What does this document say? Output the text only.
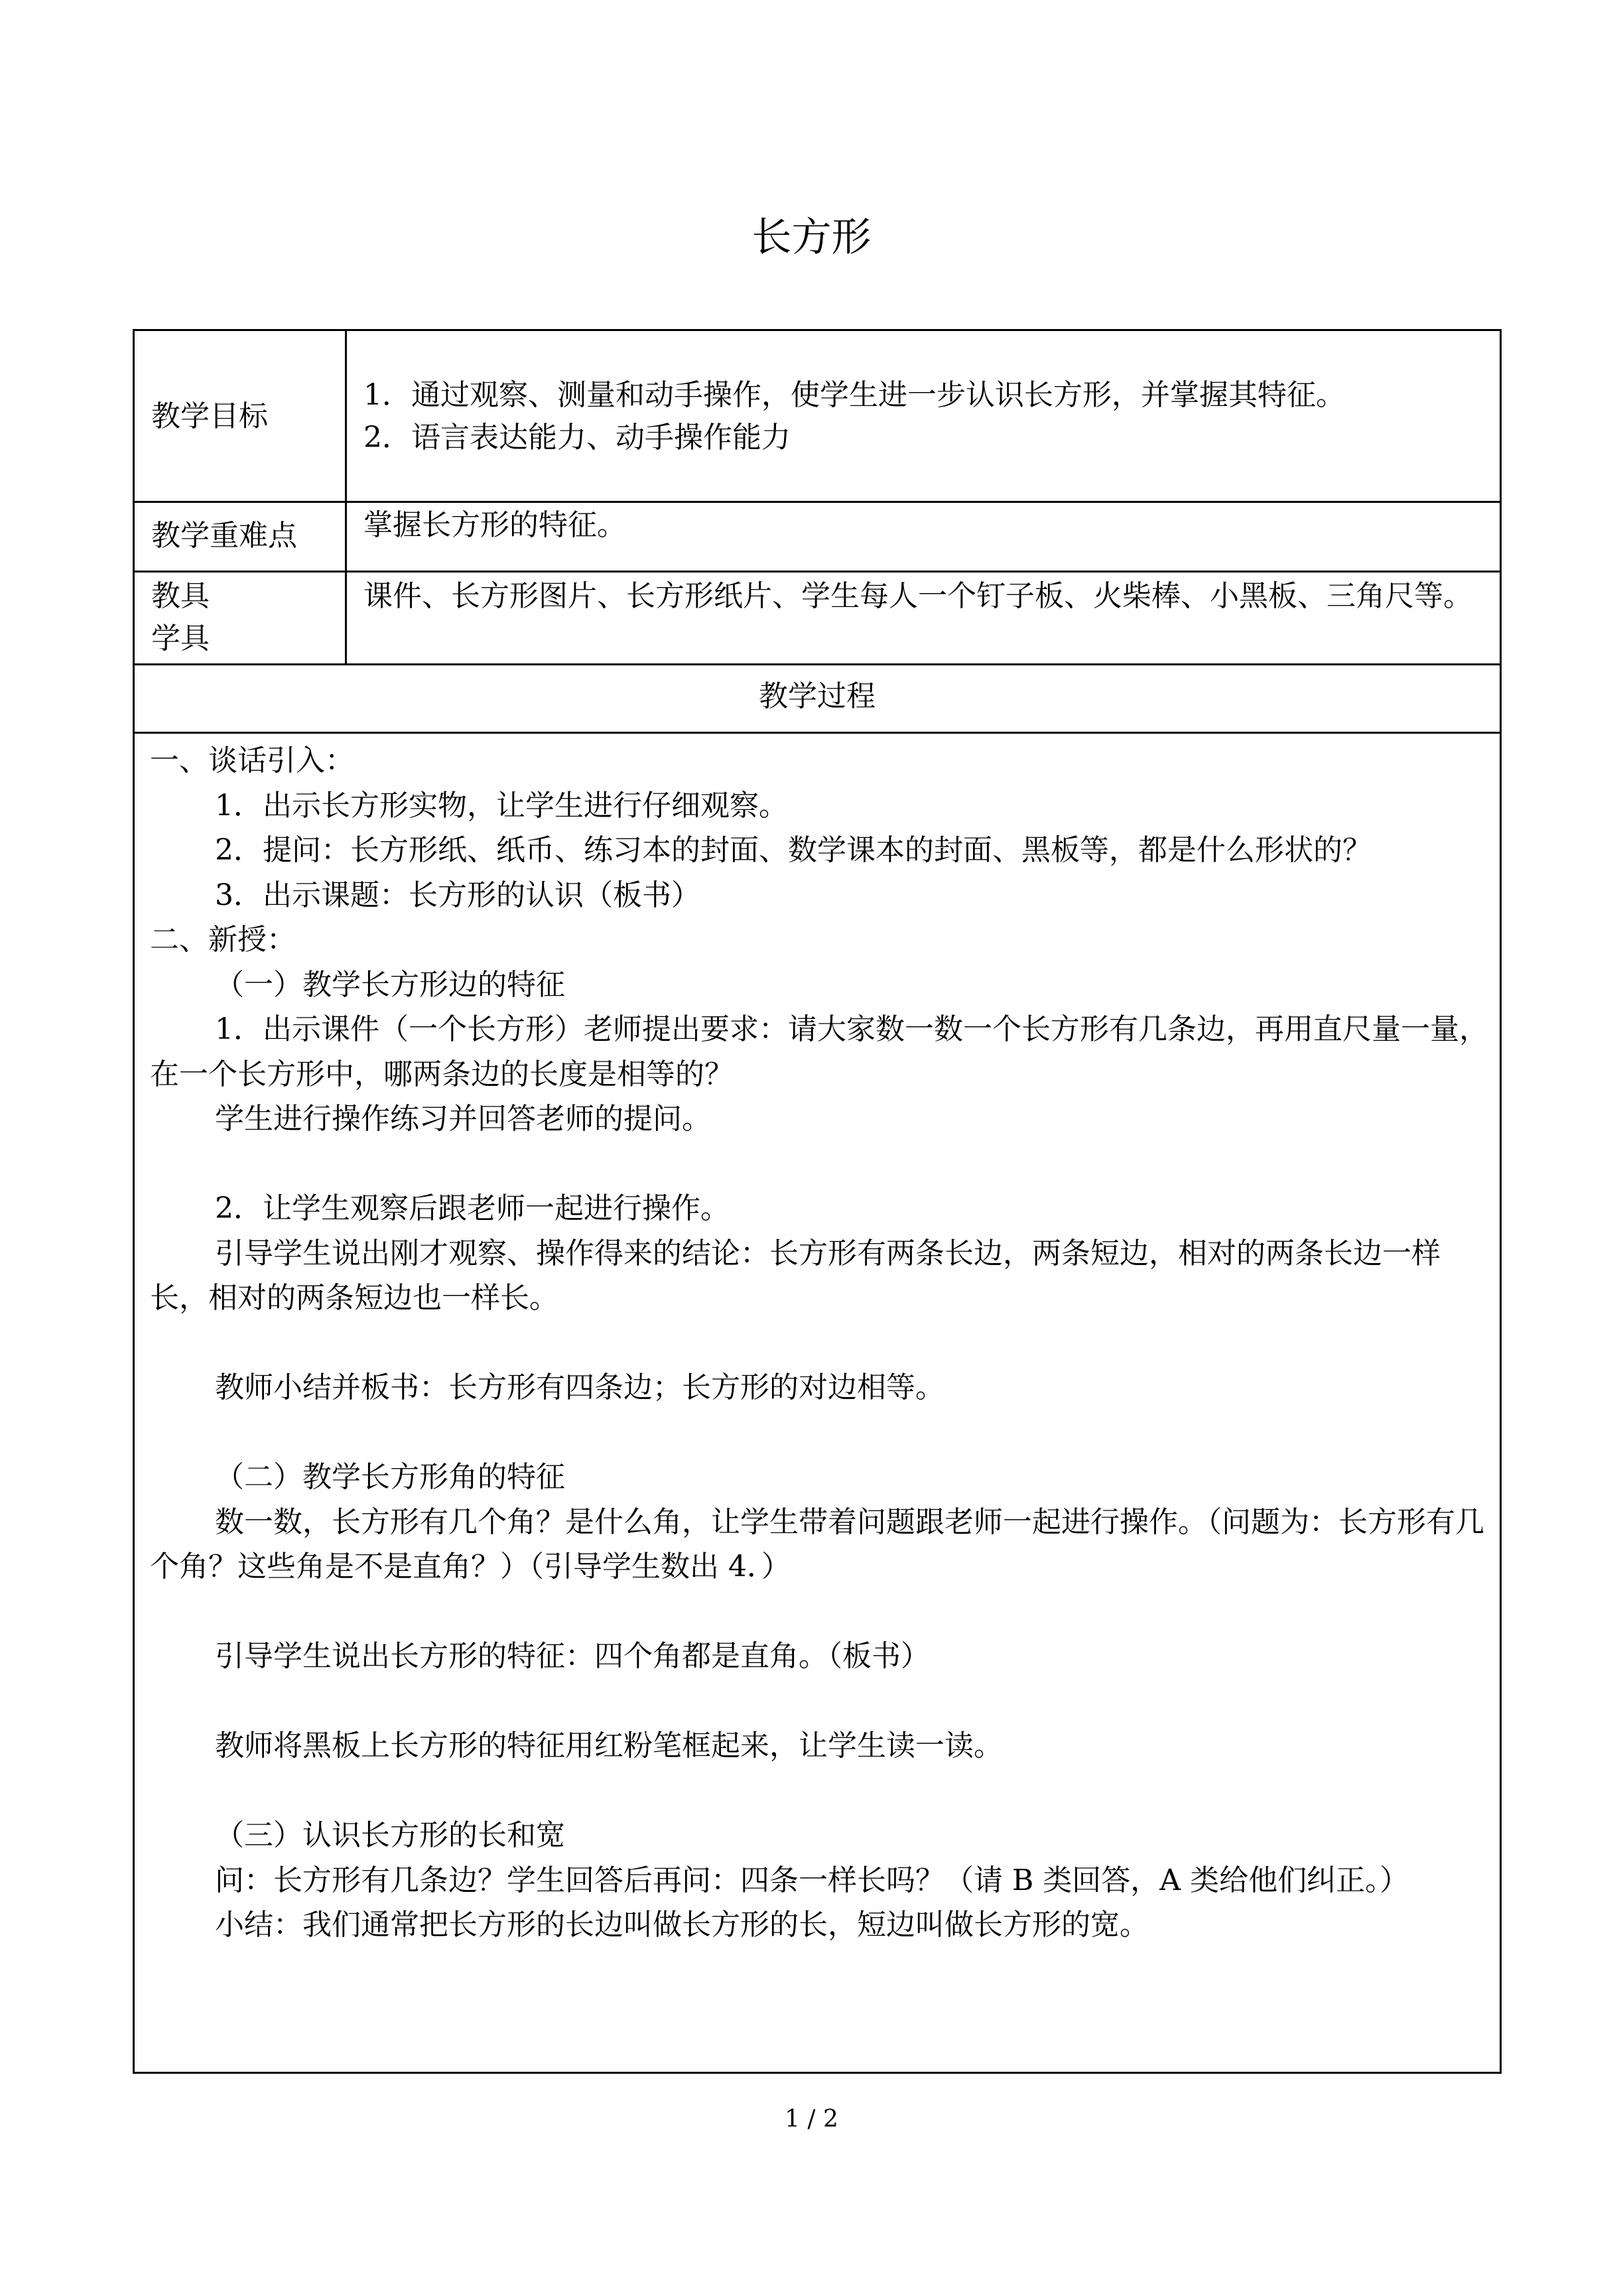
长方形
教学目标

1．通过观察、测量和动手操作，使学生进一步认识长方形，并掌握其特征。

2．语言表达能力、动手操作能力

教学重难点 掌握长方形的特征。

教具
学具

课件、长方形图片、长方形纸片、学生每人一个钉子板、火柴棒、小黑板、三角尺等。

教学过程

一、谈话引入：

1．出示长方形实物，让学生进行仔细观察。

2．提问：长方形纸、纸币、练习本的封面、数学课本的封面、黑板等，都是什么形状的？

3．出示课题：长方形的认识（板书）

二、新授：

（一）教学长方形边的特征

1．出示课件（一个长方形）老师提出要求：请大家数一数一个长方形有几条边，再用直尺量一量，在一个长方形中，哪两条边的长度是相等的？

学生进行操作练习并回答老师的提问。

2．让学生观察后跟老师一起进行操作。

引导学生说出刚才观察、操作得来的结论：长方形有两条长边，两条短边，相对的两条长边一样长，相对的两条短边也一样长。

教师小结并板书：长方形有四条边；长方形的对边相等。

（二）教学长方形角的特征

数一数，长方形有几个角？是什么角，让学生带着问题跟老师一起进行操作。（问题为：长方形有几个角？这些角是不是直角？）（引导学生数出 4．）

引导学生说出长方形的特征：四个角都是直角。（板书）

教师将黑板上长方形的特征用红粉笔框起来，让学生读一读。

（三）认识长方形的长和宽

问：长方形有几条边？学生回答后再问：四条一样长吗？（请 B 类回答，A 类给他们纠正。）

小结：我们通常把长方形的长边叫做长方形的长，短边叫做长方形的宽。

1 / 2
